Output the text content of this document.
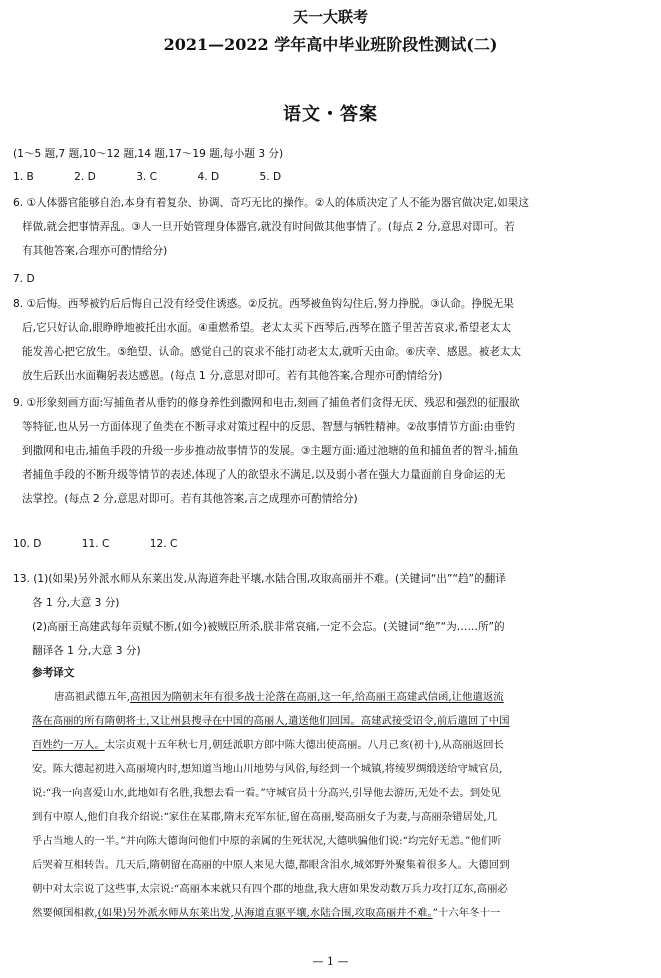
天一大联考
2021—2022 学年高中毕业班阶段性测试(二)
语文・答案
(1～5 题,7 题,10～12 题,14 题,17～19 题,每小题 3 分)
1. B            2. D            3. C            4. D            5. D
6. ①人体器官能够自治,本身有着复杂、协调、奇巧无比的操作。②人的体质决定了人不能为器官做决定,如果这
样做,就会把事情弄乱。③人一旦开始管理身体器官,就没有时间做其他事情了。(每点 2 分,意思对即可。若
有其他答案,合理亦可酌情给分)
7. D
8. ①后悔。西琴被钓后后悔自己没有经受住诱惑。②反抗。西琴被鱼钩勾住后,努力挣脱。③认命。挣脱无果
后,它只好认命,眼睁睁地被托出水面。④重燃希望。老太太买下西琴后,西琴在篮子里苦苦哀求,希望老太太
能发善心把它放生。⑤绝望、认命。感觉自己的哀求不能打动老太太,就听天由命。⑥庆幸、感恩。被老太太
放生后跃出水面鞠躬表达感恩。(每点 1 分,意思对即可。若有其他答案,合理亦可酌情给分)
9. ①形象刻画方面:写捕鱼者从垂钓的修身养性到撒网和电击,刻画了捕鱼者们贪得无厌、残忍和强烈的征服欲
等特征,也从另一方面体现了鱼类在不断寻求对策过程中的反思、智慧与牺牲精神。②故事情节方面:由垂钓
到撒网和电击,捕鱼手段的升级一步步推动故事情节的发展。③主题方面:通过池塘的鱼和捕鱼者的智斗,捕鱼
者捕鱼手段的不断升级等情节的表述,体现了人的欲望永不满足,以及弱小者在强大力量面前自身命运的无
法掌控。(每点 2 分,意思对即可。若有其他答案,言之成理亦可酌情给分)
10. D            11. C            12. C
13. (1)(如果)另外派水师从东莱出发,从海道奔赴平壤,水陆合围,攻取高丽并不难。(关键词“出”“趋”的翻译
各 1 分,大意 3 分)
(2)高丽王高建武每年贡赋不断,(如今)被贼臣所杀,朕非常哀痛,一定不会忘。(关键词“绝”“为……所”的
翻译各 1 分,大意 3 分)
参考译文
唐高祖武德五年,高祖因为隋朝末年有很多战士沦落在高丽,这一年,给高丽王高建武信函,让他遣返流
落在高丽的所有隋朝将士,又让州县搜寻在中国的高丽人,遣送他们回国。高建武接受诏令,前后遣回了中国
百姓约一万人。太宗贞观十五年秋七月,朝廷派职方郎中陈大德出使高丽。八月己亥(初十),从高丽返回长
安。陈大德起初进入高丽境内时,想知道当地山川地势与风俗,每经到一个城镇,将绫罗绸缎送给守城官员,
说:“我一向喜爱山水,此地如有名胜,我想去看一看。”守城官员十分高兴,引导他去游历,无处不去。到处见
到有中原人,他们自我介绍说:“家住在某郡,隋末充军东征,留在高丽,娶高丽女子为妻,与高丽杂错居处,几
乎占当地人的一半。”并向陈大德询问他们中原的亲属的生死状况,大德哄骗他们说:“均完好无恙。”他们听
后哭着互相转告。几天后,隋朝留在高丽的中原人来见大德,都眼含泪水,城郊野外聚集着很多人。大德回到
朝中对太宗说了这些事,太宗说:“高丽本来就只有四个郡的地盘,我大唐如果发动数万兵力攻打辽东,高丽必
然要倾国相救,(如果)另外派水师从东莱出发,从海道直驱平壤,水陆合围,攻取高丽并不难。”十六年冬十一
— 1 —
